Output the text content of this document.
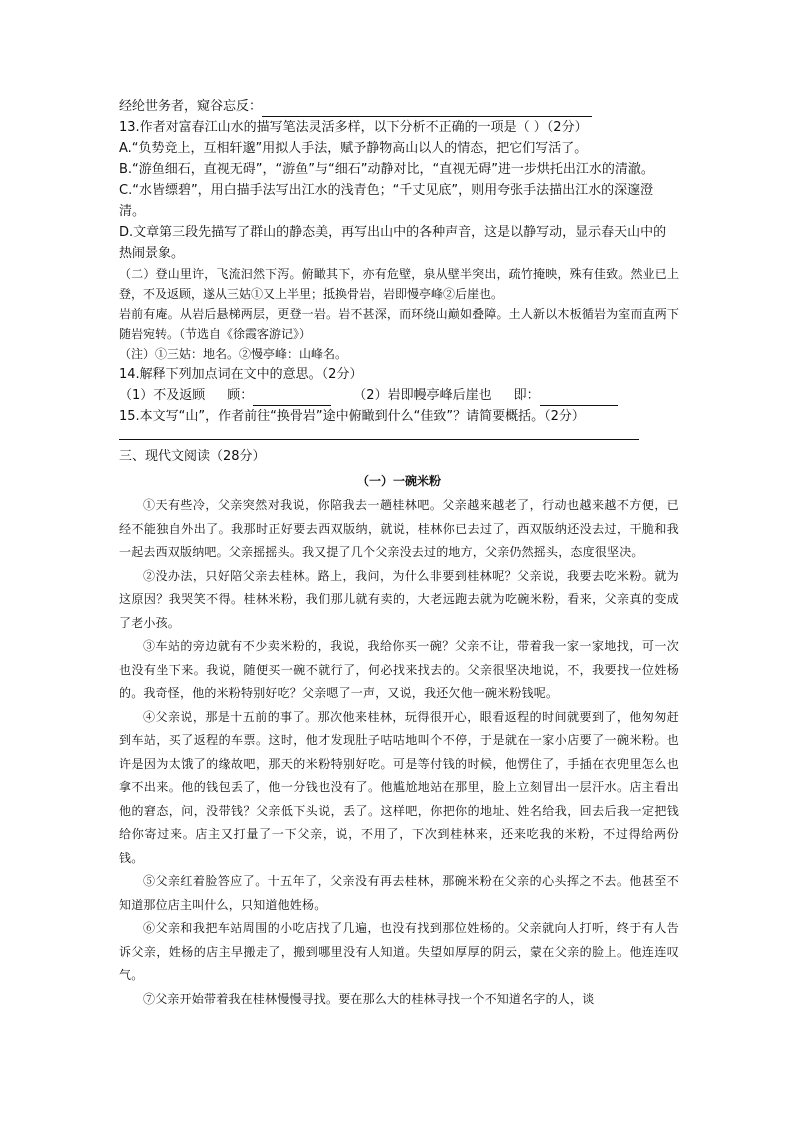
经纶世务者，窥谷忘反：
13.作者对富春江山水的描写笔法灵活多样，以下分析不正确的一项是（ ）（2分）
A.“负势竞上，互相轩邈”用拟人手法，赋予静物高山以人的情态，把它们写活了。
B.“游鱼细石，直视无碍”，“游鱼”与“细石”动静对比，“直视无碍”进一步烘托出江水的清澈。
C.“水皆缥碧”，用白描手法写出江水的浅青色；“千丈见底”，则用夸张手法描出江水的深邃澄清。
D.文章第三段先描写了群山的静态美，再写出山中的各种声音，这是以静写动，显示春天山中的热闹景象。
（二）登山里许，飞流汩然下泻。俯瞰其下，亦有危壁，泉从壁半突出，疏竹掩映，殊有佳致。然业已上登，不及返顾，遂从三姑①又上半里；抵换骨岩，岩即慢亭峰②后崖也。
岩前有庵。从岩后悬梯两层，更登一岩。岩不甚深，而环绕山巅如叠障。土人新以木板循岩为室而直两下随岩宛转。（节选自《徐霞客游记》）
（注）①三姑：地名。②慢亭峰：山峰名。
14.解释下列加点词在文中的意思。（2分）
（1）不及返顾 顾：	（2）岩即幔亭峰后崖也 即：
15.本文写“山”，作者前往“换骨岩”途中俯瞰到什么“佳致”？请简要概括。（2分）
三、现代文阅读（28分）
（一）一碗米粉

①天有些冷，父亲突然对我说，你陪我去一趟桂林吧。父亲越来越老了，行动也越来越不方便，已经不能独自外出了。我那时正好要去西双版纳，就说，桂林你已去过了，西双版纳还没去过，干脆和我一起去西双版纳吧。父亲摇摇头。我又提了几个父亲没去过的地方，父亲仍然摇头，态度很坚决。

②没办法，只好陪父亲去桂林。路上，我问，为什么非要到桂林呢？父亲说，我要去吃米粉。就为这原因？我哭笑不得。桂林米粉，我们那儿就有卖的，大老远跑去就为吃碗米粉，看来，父亲真的变成了老小孩。

③车站的旁边就有不少卖米粉的，我说，我给你买一碗？父亲不让，带着我一家一家地找，可一次也没有坐下来。我说，随便买一碗不就行了，何必找来找去的。父亲很坚决地说，不，我要找一位姓杨的。我奇怪，他的米粉特别好吃？父亲嗯了一声，又说，我还欠他一碗米粉钱呢。

④父亲说，那是十五前的事了。那次他来桂林，玩得很开心，眼看返程的时间就要到了，他匆匆赶到车站，买了返程的车票。这时，他才发现肚子咕咕地叫个不停，于是就在一家小店要了一碗米粉。也许是因为太饿了的缘故吧，那天的米粉特别好吃。可是等付钱的时候，他愣住了，手插在衣兜里怎么也拿不出来。他的钱包丢了，他一分钱也没有了。他尴尬地站在那里，脸上立刻冒出一层汗水。店主看出他的窘态，问，没带钱？父亲低下头说，丢了。这样吧，你把你的地址、姓名给我，回去后我一定把钱给你寄过来。店主又打量了一下父亲，说，不用了，下次到桂林来，还来吃我的米粉，不过得给两份钱。

⑤父亲红着脸答应了。十五年了，父亲没有再去桂林，那碗米粉在父亲的心头挥之不去。他甚至不知道那位店主叫什么，只知道他姓杨。

⑥父亲和我把车站周围的小吃店找了几遍，也没有找到那位姓杨的。父亲就向人打听，终于有人告诉父亲，姓杨的店主早搬走了，搬到哪里没有人知道。失望如厚厚的阴云，蒙在父亲的脸上。他连连叹气。

⑦父亲开始带着我在桂林慢慢寻找。要在那么大的桂林寻找一个不知道名字的人，谈
